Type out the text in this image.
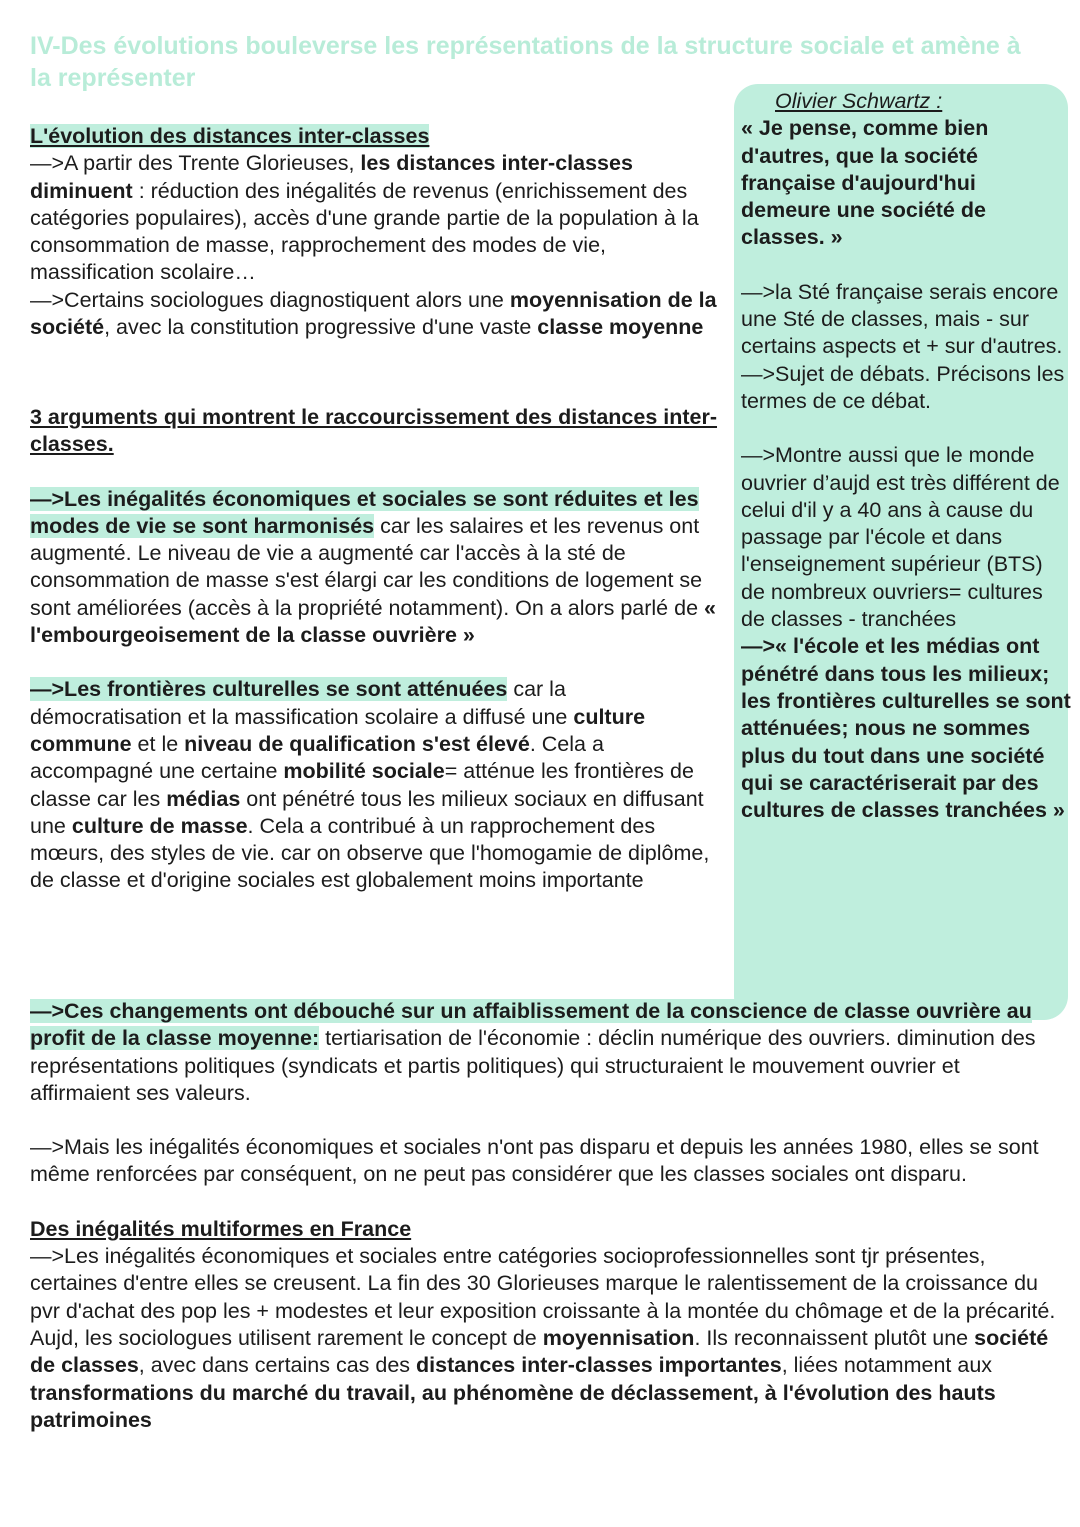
IV-Des évolutions bouleverse les représentations de la structure sociale et amène à la représenter

Olivier Schwartz :

« Je pense, comme bien d'autres, que la société française d'aujourd'hui demeure une société de classes. »

—>la Sté française serais encore une Sté de classes, mais - sur certains aspects et + sur d'autres.

—>Sujet de débats. Précisons les termes de ce débat.

—>Montre aussi que le monde ouvrier d’aujd est très différent de celui d'il y a 40 ans à cause du passage par l'école et dans l'enseignement supérieur (BTS) de nombreux ouvriers= cultures de classes - tranchées

—>« l'école et les médias ont pénétré dans tous les milieux; les frontières culturelles se sont atténuées; nous ne sommes plus du tout dans une société qui se caractériserait par des cultures de classes tranchées »

L'évolution des distances inter-classes

—>A partir des Trente Glorieuses, les distances inter-classes diminuent : réduction des inégalités de revenus (enrichissement des catégories populaires), accès d'une grande partie de la population à la consommation de masse, rapprochement des modes de vie, massification scolaire…

—>Certains sociologues diagnostiquent alors une moyennisation de la société, avec la constitution progressive d'une vaste classe moyenne

3 arguments qui montrent le raccourcissement des distances inter-classes.

—>Les inégalités économiques et sociales se sont réduites et les modes de vie se sont harmonisés car les salaires et les revenus ont augmenté. Le niveau de vie a augmenté car l'accès à la sté de consommation de masse s'est élargi car les conditions de logement se sont améliorées (accès à la propriété notamment). On a alors parlé de « l'embourgeoisement de la classe ouvrière »

—>Les frontières culturelles se sont atténuées car la démocratisation et la massification scolaire a diffusé une culture commune et le niveau de qualification s'est élevé. Cela a accompagné une certaine mobilité sociale= atténue les frontières de classe car les médias ont pénétré tous les milieux sociaux en diffusant une culture de masse. Cela a contribué à un rapprochement des mœurs, des styles de vie. car on observe que l'homogamie de diplôme, de classe et d'origine sociales est globalement moins importante

—>Ces changements ont débouché sur un affaiblissement de la conscience de classe ouvrière au profit de la classe moyenne: tertiarisation de l'économie : déclin numérique des ouvriers. diminution des représentations politiques (syndicats et partis politiques) qui structuraient le mouvement ouvrier et affirmaient ses valeurs.

—>Mais les inégalités économiques et sociales n'ont pas disparu et depuis les années 1980, elles se sont même renforcées par conséquent, on ne peut pas considérer que les classes sociales ont disparu.

Des inégalités multiformes en France

—>Les inégalités économiques et sociales entre catégories socioprofessionnelles sont tjr présentes, certaines d'entre elles se creusent. La fin des 30 Glorieuses marque le ralentissement de la croissance du pvr d'achat des pop les + modestes et leur exposition croissante à la montée du chômage et de la précarité. Aujd, les sociologues utilisent rarement le concept de moyennisation. Ils reconnaissent plutôt une société de classes, avec dans certains cas des distances inter-classes importantes, liées notamment aux transformations du marché du travail, au phénomène de déclassement, à l'évolution des hauts patrimoines
